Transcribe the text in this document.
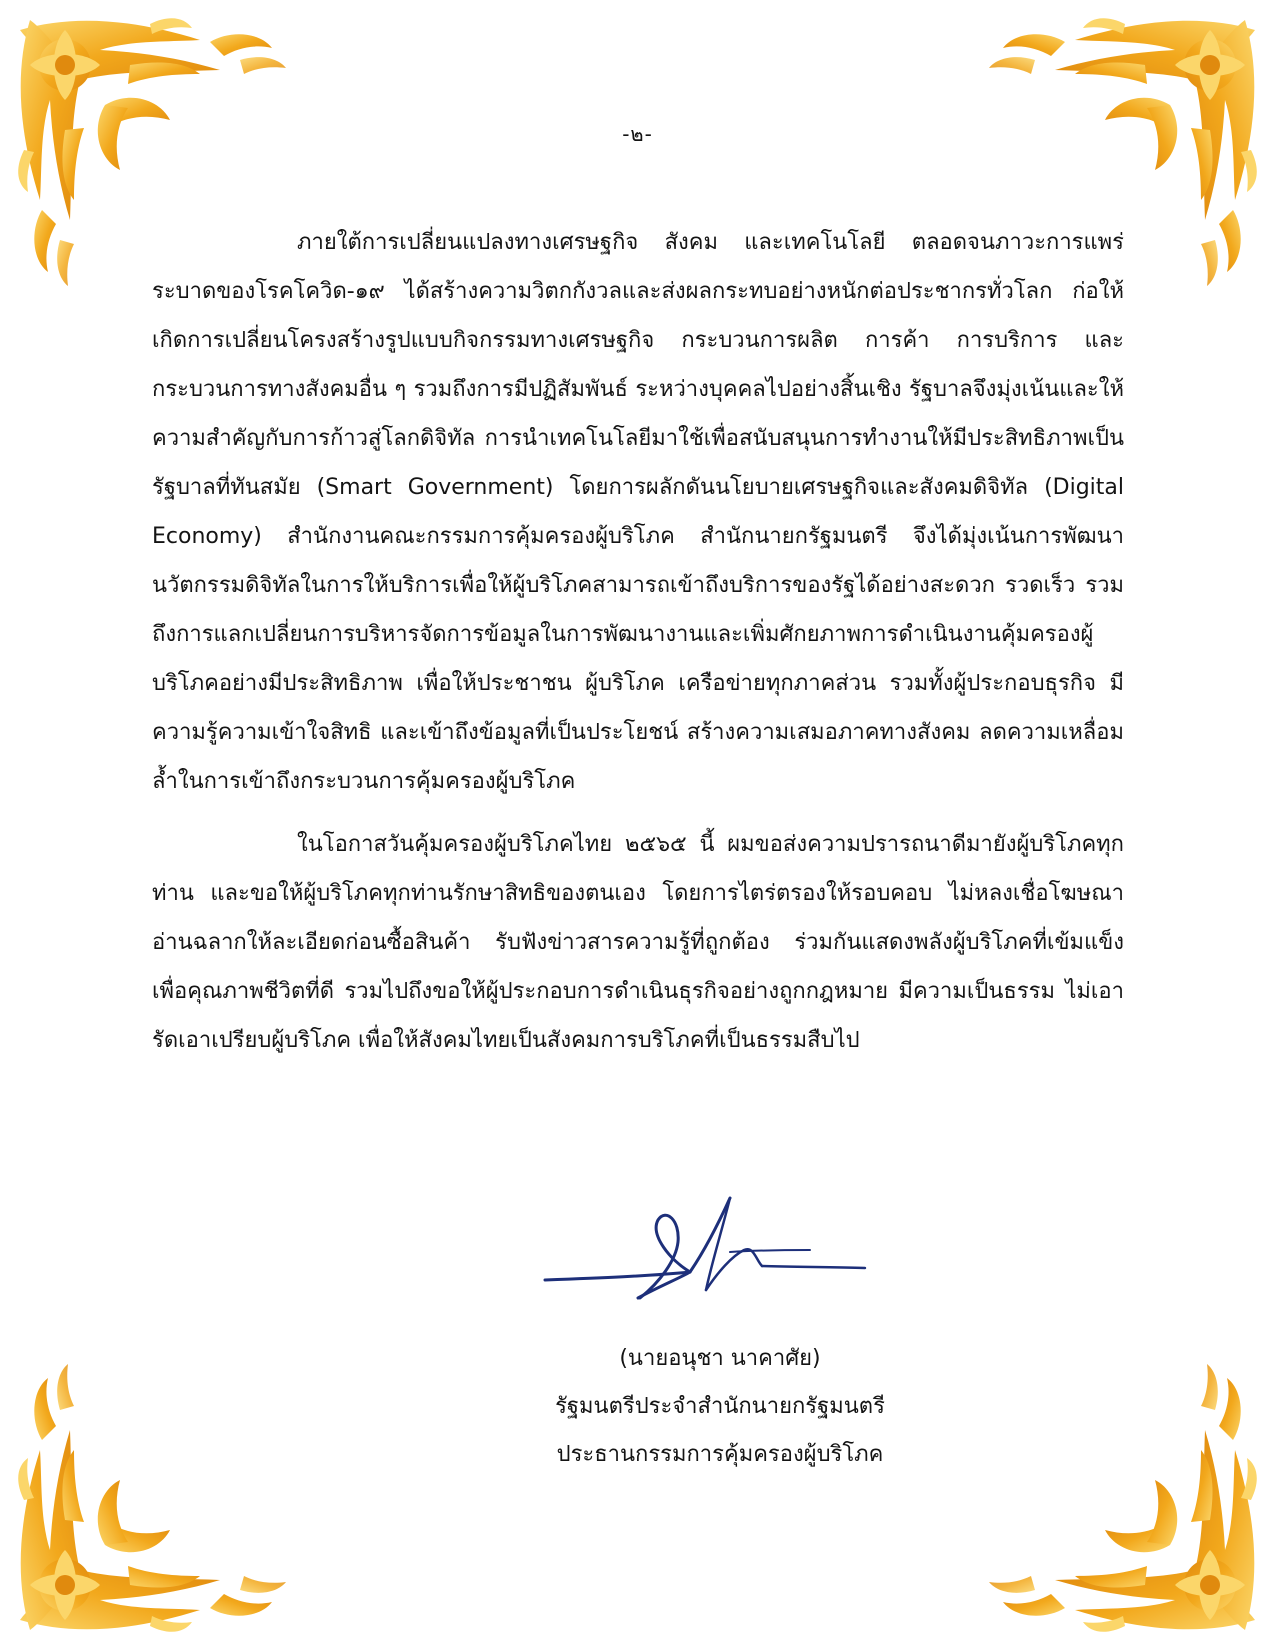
-๒-

ภายใต้การเปลี่ยนแปลงทางเศรษฐกิจ สังคม และเทคโนโลยี ตลอดจนภาวะการแพร่ระบาดของโรคโควิด-๑๙ ได้สร้างความวิตกกังวลและส่งผลกระทบอย่างหนักต่อประชากรทั่วโลก ก่อให้เกิดการเปลี่ยนโครงสร้างรูปแบบกิจกรรมทางเศรษฐกิจ กระบวนการผลิต การค้า การบริการ และกระบวนการทางสังคมอื่น ๆ รวมถึงการมีปฏิสัมพันธ์ ระหว่างบุคคลไปอย่างสิ้นเชิง รัฐบาลจึงมุ่งเน้นและให้ความสำคัญกับการก้าวสู่โลกดิจิทัล การนำเทคโนโลยีมาใช้เพื่อสนับสนุนการทำงานให้มีประสิทธิภาพเป็นรัฐบาลที่ทันสมัย (Smart Government) โดยการผลักดันนโยบายเศรษฐกิจและสังคมดิจิทัล (Digital Economy) สำนักงานคณะกรรมการคุ้มครองผู้บริโภค สำนักนายกรัฐมนตรี จึงได้มุ่งเน้นการพัฒนานวัตกรรมดิจิทัลในการให้บริการเพื่อให้ผู้บริโภคสามารถเข้าถึงบริการของรัฐได้อย่างสะดวก รวดเร็ว รวมถึงการแลกเปลี่ยนการบริหารจัดการข้อมูลในการพัฒนางานและเพิ่มศักยภาพการดำเนินงานคุ้มครองผู้บริโภคอย่างมีประสิทธิภาพ เพื่อให้ประชาชน ผู้บริโภค เครือข่ายทุกภาคส่วน รวมทั้งผู้ประกอบธุรกิจ มีความรู้ความเข้าใจสิทธิ และเข้าถึงข้อมูลที่เป็นประโยชน์ สร้างความเสมอภาคทางสังคม ลดความเหลื่อมล้ำในการเข้าถึงกระบวนการคุ้มครองผู้บริโภค

ในโอกาสวันคุ้มครองผู้บริโภคไทย ๒๕๖๕ นี้ ผมขอส่งความปรารถนาดีมายังผู้บริโภคทุกท่าน และขอให้ผู้บริโภคทุกท่านรักษาสิทธิของตนเอง โดยการไตร่ตรองให้รอบคอบ ไม่หลงเชื่อโฆษณา อ่านฉลากให้ละเอียดก่อนซื้อสินค้า รับฟังข่าวสารความรู้ที่ถูกต้อง ร่วมกันแสดงพลังผู้บริโภคที่เข้มแข็ง เพื่อคุณภาพชีวิตที่ดี รวมไปถึงขอให้ผู้ประกอบการดำเนินธุรกิจอย่างถูกกฎหมาย มีความเป็นธรรม ไม่เอารัดเอาเปรียบผู้บริโภค เพื่อให้สังคมไทยเป็นสังคมการบริโภคที่เป็นธรรมสืบไป

(นายอนุชา นาคาศัย)
รัฐมนตรีประจำสำนักนายกรัฐมนตรี
ประธานกรรมการคุ้มครองผู้บริโภค
